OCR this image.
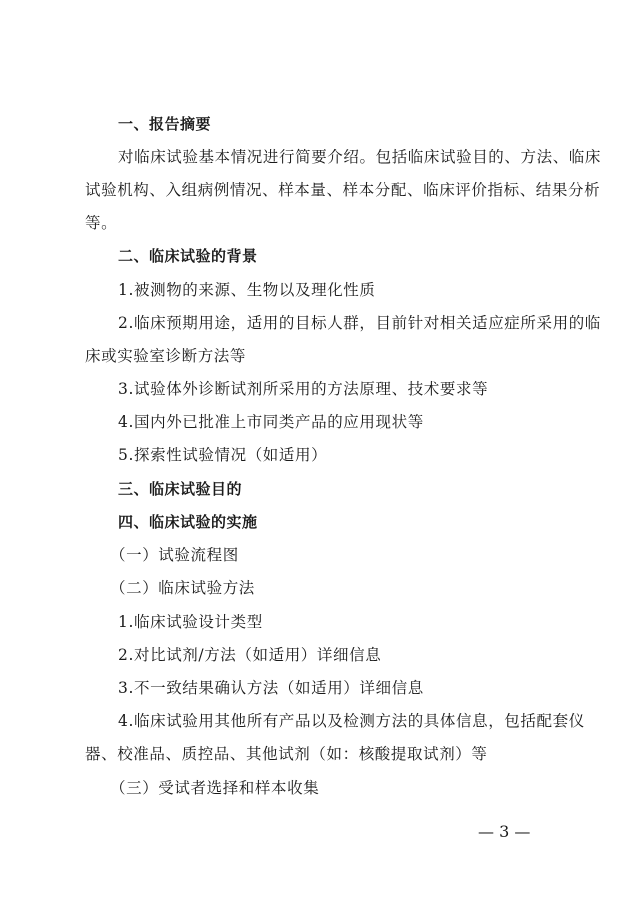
一、报告摘要
对临床试验基本情况进行简要介绍。包括临床试验目的、方法、临床
试验机构、入组病例情况、样本量、样本分配、临床评价指标、结果分析
等。
二、临床试验的背景
1.被测物的来源、生物以及理化性质
2.临床预期用途，适用的目标人群，目前针对相关适应症所采用的临
床或实验室诊断方法等
3.试验体外诊断试剂所采用的方法原理、技术要求等
4.国内外已批准上市同类产品的应用现状等
5.探索性试验情况（如适用）
三、临床试验目的
四、临床试验的实施
（一）试验流程图
（二）临床试验方法
1.临床试验设计类型
2.对比试剂/方法（如适用）详细信息
3.不一致结果确认方法（如适用）详细信息
4.临床试验用其他所有产品以及检测方法的具体信息，包括配套仪
器、校准品、质控品、其他试剂（如：核酸提取试剂）等
（三）受试者选择和样本收集
— 3 —
